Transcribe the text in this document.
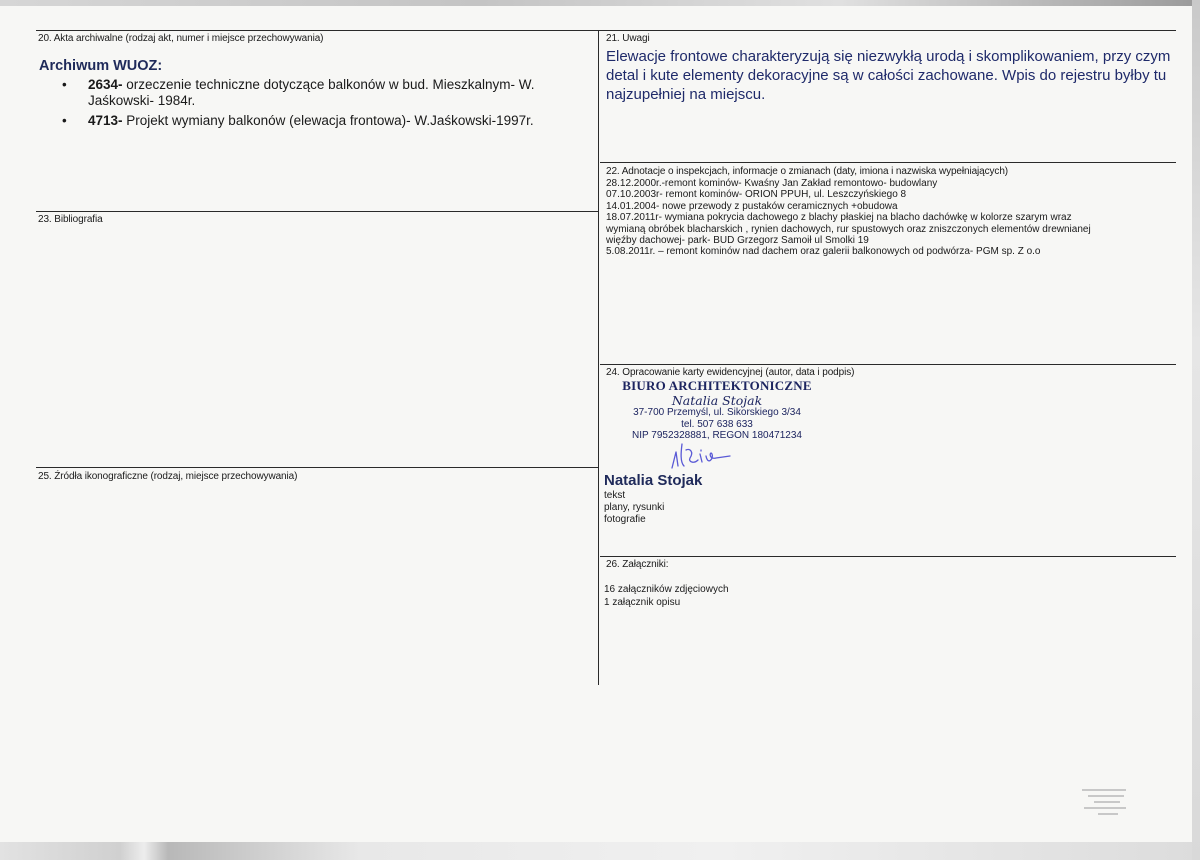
20. Akta archiwalne (rodzaj akt, numer i miejsce przechowywania)
Archiwum WUOZ:
• 2634- orzeczenie techniczne dotyczące balkonów w bud. Mieszkalnym- W. Jaśkowski- 1984r.
• 4713- Projekt wymiany balkonów (elewacja frontowa)- W.Jaśkowski-1997r.
21. Uwagi
Elewacje frontowe charakteryzują się niezwykłą urodą i skomplikowaniem, przy czym detal i kute elementy dekoracyjne są w całości zachowane. Wpis do rejestru byłby tu najzupełniej na miejscu.
22. Adnotacje o inspekcjach, informacje o zmianach (daty, imiona i nazwiska wypełniających)
28.12.2000r.-remont kominów- Kwaśny Jan Zakład remontowo- budowlany
07.10.2003r- remont kominów- ORION PPUH, ul. Leszczyńskiego 8
14.01.2004- nowe przewody z pustaków ceramicznych +obudowa
18.07.2011r- wymiana pokrycia dachowego z blachy płaskiej na blacho dachówkę w kolorze szarym wraz
wymianą obróbek blacharskich , rynien dachowych, rur spustowych oraz zniszczonych elementów drewnianej
więźby dachowej- park- BUD Grzegorz Samoił ul Smolki 19
5.08.2011r. – remont kominów nad dachem oraz galerii balkonowych od podwórza- PGM sp. Z o.o
23. Bibliografia
24. Opracowanie karty ewidencyjnej (autor, data i podpis)
BIURO ARCHITEKTONICZNE
Natalia Stojak
37-700 Przemyśl, ul. Sikorskiego 3/34
tel. 507 638 633
NIP 7952328881, REGON 180471234
Natalia Stojak
tekst
plany, rysunki
fotografie
25. Źródła ikonograficzne (rodzaj, miejsce przechowywania)
26. Załączniki:
16 załączników zdjęciowych
1 załącznik opisu
